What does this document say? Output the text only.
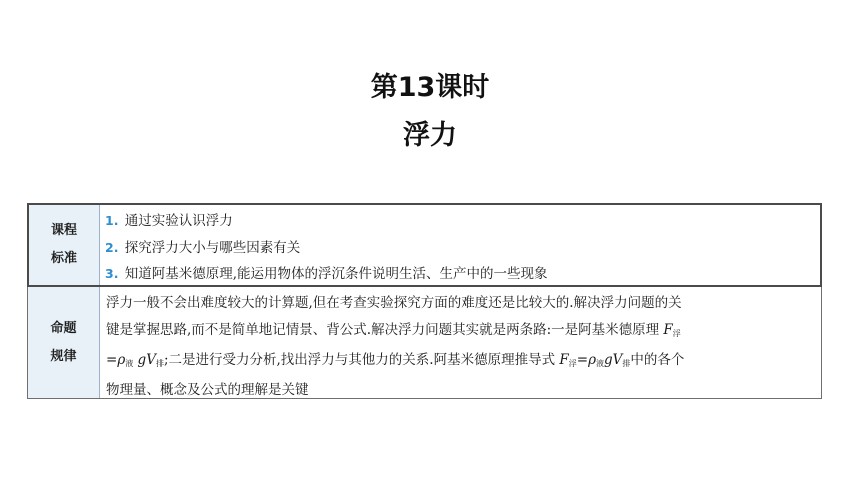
第13课时
浮力
课程
标准
1. 通过实验认识浮力
2. 探究浮力大小与哪些因素有关
3. 知道阿基米德原理,能运用物体的浮沉条件说明生活、生产中的一些现象
命题
规律
浮力一般不会出难度较大的计算题,但在考查实验探究方面的难度还是比较大的.解决浮力问题的关
键是掌握思路,而不是简单地记情景、背公式.解决浮力问题其实就是两条路:一是阿基米德原理 $F_浮$
$=\rho_液$ $gV_排$;二是进行受力分析,找出浮力与其他力的关系.阿基米德原理推导式 $F_浮=\rho_液gV_排$中的各个
物理量、概念及公式的理解是关键
